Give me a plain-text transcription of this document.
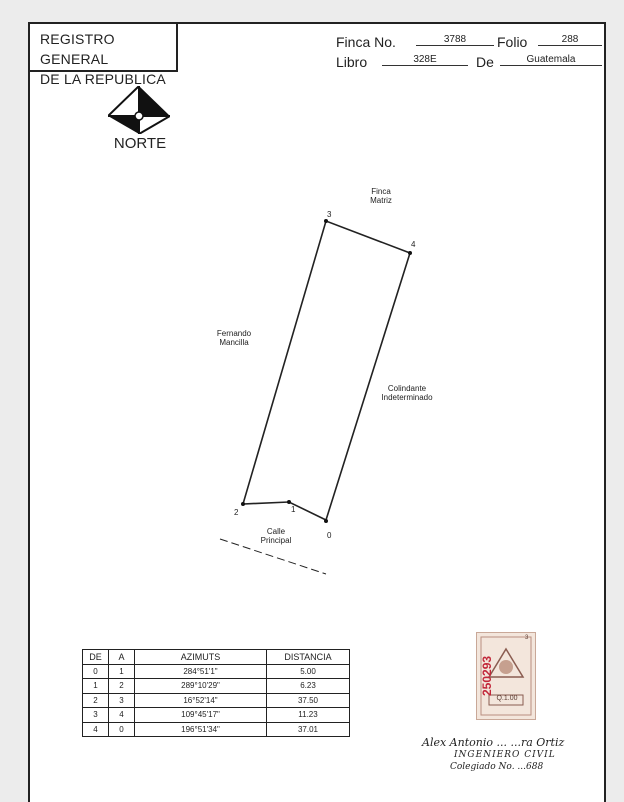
REGISTRO GENERAL
DE LA REPUBLICA
Finca No.	3788	Folio	288
Libro	328E	De	Guatemala
NORTE
0
1
2
3
4
Finca
Matriz
Fernando
Mancilla
Colindante
Indeterminado
Calle
Principal
DE	A	AZIMUTS	DISTANCIA
0	1	284°51'1"	5.00
1	2	289°10'29"	6.23
2	3	16°52'14"	37.50
3	4	109°45'17"	11.23
4	0	196°51'34"	37.01
250293
Q.1.00
3
Alex Antonio ... ...ra Ortiz
INGENIERO CIVIL
Colegiado No. ...688
